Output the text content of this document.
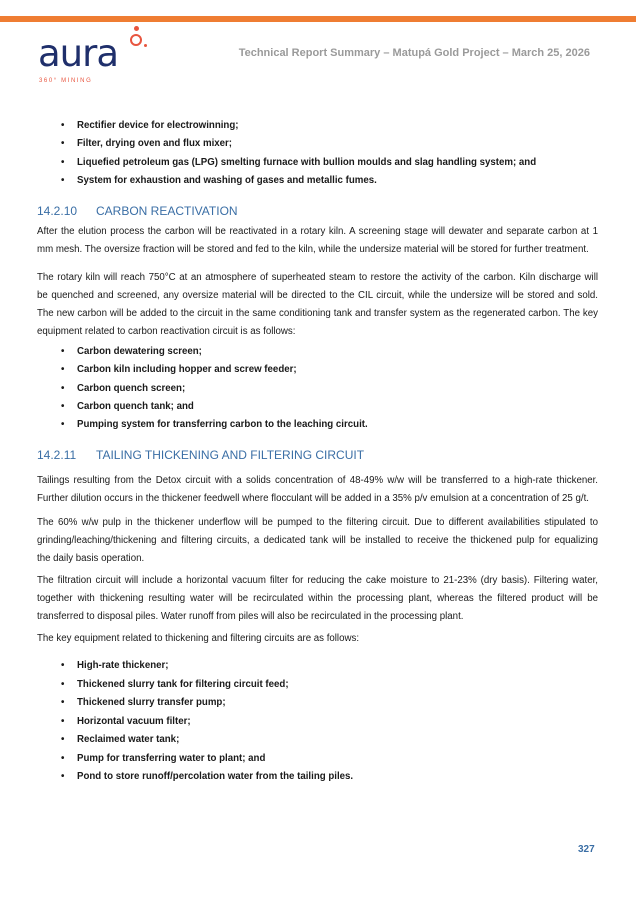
aura
360° MINING
Technical Report Summary – Matupá Gold Project – March 25, 2026
• Rectifier device for electrowinning;
• Filter, drying oven and flux mixer;
• Liquefied petroleum gas (LPG) smelting furnace with bullion moulds and slag handling system; and
• System for exhaustion and washing of gases and metallic fumes.
14.2.10 CARBON REACTIVATION
After the elution process the carbon will be reactivated in a rotary kiln. A screening stage will dewater and separate carbon at 1
mm mesh. The oversize fraction will be stored and fed to the kiln, while the undersize material will be stored for further treatment.
The rotary kiln will reach 750°C at an atmosphere of superheated steam to restore the activity of the carbon. Kiln discharge will
be quenched and screened, any oversize material will be directed to the CIL circuit, while the undersize will be stored and sold.
The new carbon will be added to the circuit in the same conditioning tank and transfer system as the regenerated carbon. The key
equipment related to carbon reactivation circuit is as follows:
• Carbon dewatering screen;
• Carbon kiln including hopper and screw feeder;
• Carbon quench screen;
• Carbon quench tank; and
• Pumping system for transferring carbon to the leaching circuit.
14.2.11 TAILING THICKENING AND FILTERING CIRCUIT
Tailings resulting from the Detox circuit with a solids concentration of 48-49% w/w will be transferred to a high-rate thickener.
Further dilution occurs in the thickener feedwell where flocculant will be added in a 35% p/v emulsion at a concentration of 25 g/t.
The 60% w/w pulp in the thickener underflow will be pumped to the filtering circuit. Due to different availabilities stipulated to
grinding/leaching/thickening and filtering circuits, a dedicated tank will be installed to receive the thickened pulp for equalizing
the daily basis operation.
The filtration circuit will include a horizontal vacuum filter for reducing the cake moisture to 21-23% (dry basis). Filtering water,
together with thickening resulting water will be recirculated within the processing plant, whereas the filtered product will be
transferred to disposal piles. Water runoff from piles will also be recirculated in the processing plant.
The key equipment related to thickening and filtering circuits are as follows:
• High-rate thickener;
• Thickened slurry tank for filtering circuit feed;
• Thickened slurry transfer pump;
• Horizontal vacuum filter;
• Reclaimed water tank;
• Pump for transferring water to plant; and
• Pond to store runoff/percolation water from the tailing piles.
327
